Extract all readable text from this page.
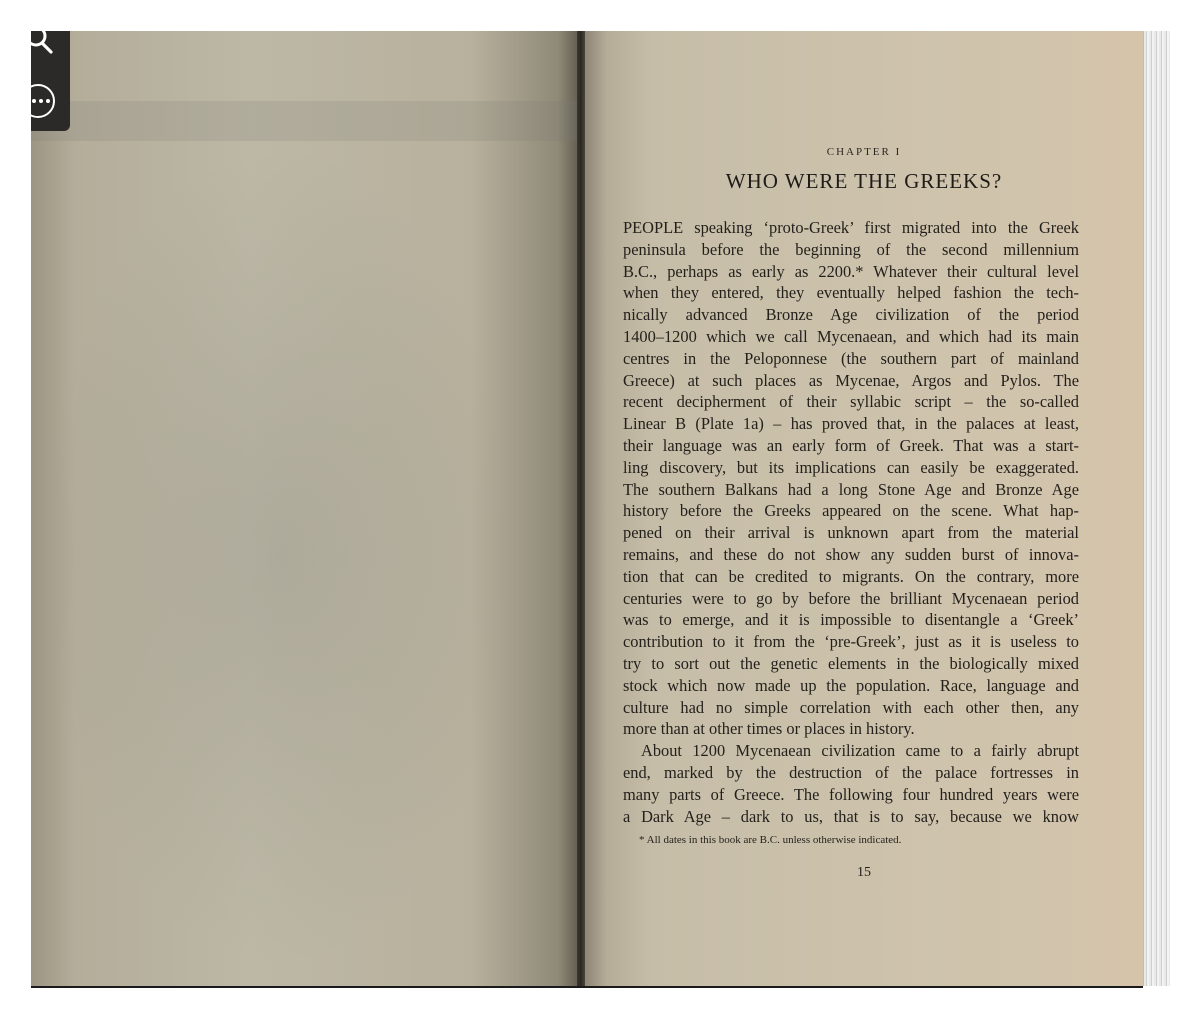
CHAPTER I
WHO WERE THE GREEKS?
PEOPLE speaking ‘proto-Greek’ first migrated into the Greek
peninsula before the beginning of the second millennium
B.C., perhaps as early as 2200.* Whatever their cultural level
when they entered, they eventually helped fashion the tech-
nically advanced Bronze Age civilization of the period
1400–1200 which we call Mycenaean, and which had its main
centres in the Peloponnese (the southern part of mainland
Greece) at such places as Mycenae, Argos and Pylos. The
recent decipherment of their syllabic script – the so-called
Linear B (Plate 1a) – has proved that, in the palaces at least,
their language was an early form of Greek. That was a start-
ling discovery, but its implications can easily be exaggerated.
The southern Balkans had a long Stone Age and Bronze Age
history before the Greeks appeared on the scene. What hap-
pened on their arrival is unknown apart from the material
remains, and these do not show any sudden burst of innova-
tion that can be credited to migrants. On the contrary, more
centuries were to go by before the brilliant Mycenaean period
was to emerge, and it is impossible to disentangle a ‘Greek’
contribution to it from the ‘pre-Greek’, just as it is useless to
try to sort out the genetic elements in the biologically mixed
stock which now made up the population. Race, language and
culture had no simple correlation with each other then, any
more than at other times or places in history.
About 1200 Mycenaean civilization came to a fairly abrupt
end, marked by the destruction of the palace fortresses in
many parts of Greece. The following four hundred years were
a Dark Age – dark to us, that is to say, because we know
* All dates in this book are B.C. unless otherwise indicated.
15
